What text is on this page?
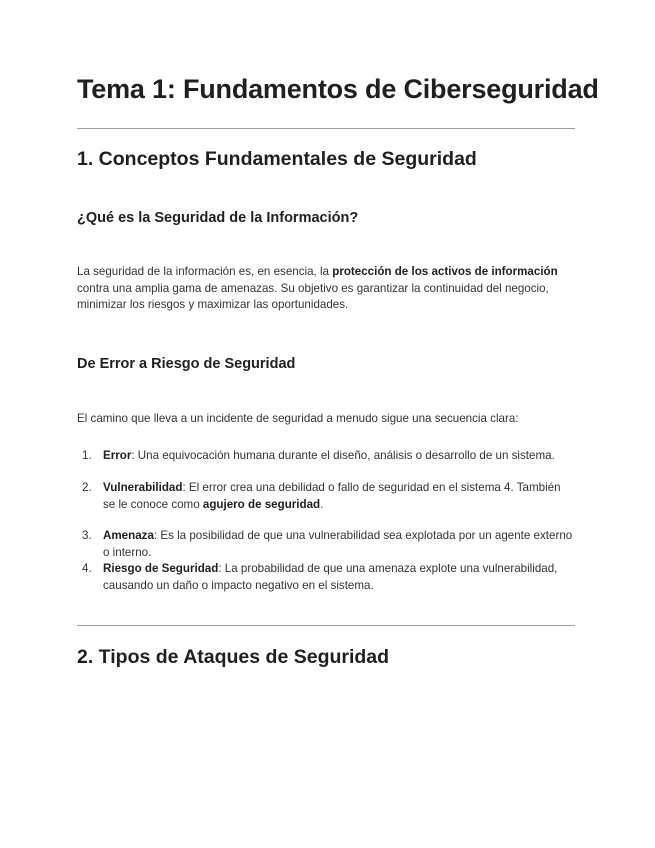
Tema 1: Fundamentos de Ciberseguridad
1. Conceptos Fundamentales de Seguridad
¿Qué es la Seguridad de la Información?

La seguridad de la información es, en esencia, la protección de los activos de información contra una amplia gama de amenazas. Su objetivo es garantizar la continuidad del negocio, minimizar los riesgos y maximizar las oportunidades.

De Error a Riesgo de Seguridad

El camino que lleva a un incidente de seguridad a menudo sigue una secuencia clara:

1. Error: Una equivocación humana durante el diseño, análisis o desarrollo de un sistema.
2. Vulnerabilidad: El error crea una debilidad o fallo de seguridad en el sistema 4. También se le conoce como agujero de seguridad.
3. Amenaza: Es la posibilidad de que una vulnerabilidad sea explotada por un agente externo o interno.
4. Riesgo de Seguridad: La probabilidad de que una amenaza explote una vulnerabilidad, causando un daño o impacto negativo en el sistema.
2. Tipos de Ataques de Seguridad
